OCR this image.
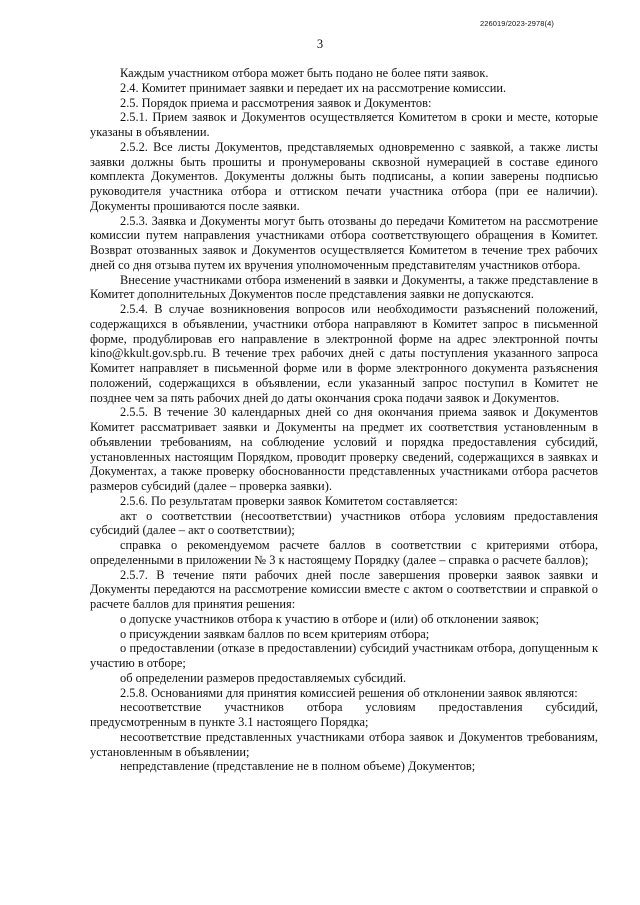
226019/2023-2978(4)
3

Каждым участником отбора может быть подано не более пяти заявок.

2.4. Комитет принимает заявки и передает их на рассмотрение комиссии.

2.5. Порядок приема и рассмотрения заявок и Документов:

2.5.1. Прием заявок и Документов осуществляется Комитетом в сроки и месте, которые указаны в объявлении.

2.5.2. Все листы Документов, представляемых одновременно с заявкой, а также листы заявки должны быть прошиты и пронумерованы сквозной нумерацией в составе единого комплекта Документов. Документы должны быть подписаны, а копии заверены подписью руководителя участника отбора и оттиском печати участника отбора (при ее наличии). Документы прошиваются после заявки.

2.5.3. Заявка и Документы могут быть отозваны до передачи Комитетом на рассмотрение комиссии путем направления участниками отбора соответствующего обращения в Комитет. Возврат отозванных заявок и Документов осуществляется Комитетом в течение трех рабочих дней со дня отзыва путем их вручения уполномоченным представителям участников отбора.

Внесение участниками отбора изменений в заявки и Документы, а также представление в Комитет дополнительных Документов после представления заявки не допускаются.

2.5.4. В случае возникновения вопросов или необходимости разъяснений положений, содержащихся в объявлении, участники отбора направляют в Комитет запрос в письменной форме, продублировав его направление в электронной форме на адрес электронной почты kino@kkult.gov.spb.ru. В течение трех рабочих дней с даты поступления указанного запроса Комитет направляет в письменной форме или в форме электронного документа разъяснения положений, содержащихся в объявлении, если указанный запрос поступил в Комитет не позднее чем за пять рабочих дней до даты окончания срока подачи заявок и Документов.

2.5.5. В течение 30 календарных дней со дня окончания приема заявок и Документов Комитет рассматривает заявки и Документы на предмет их соответствия установленным в объявлении требованиям, на соблюдение условий и порядка предоставления субсидий, установленных настоящим Порядком, проводит проверку сведений, содержащихся в заявках и Документах, а также проверку обоснованности представленных участниками отбора расчетов размеров субсидий (далее – проверка заявки).

2.5.6. По результатам проверки заявок Комитетом составляется:

акт о соответствии (несоответствии) участников отбора условиям предоставления субсидий (далее – акт о соответствии);

справка о рекомендуемом расчете баллов в соответствии с критериями отбора, определенными в приложении № 3 к настоящему Порядку (далее – справка о расчете баллов);

2.5.7. В течение пяти рабочих дней после завершения проверки заявок заявки и Документы передаются на рассмотрение комиссии вместе с актом о соответствии и справкой о расчете баллов для принятия решения:

о допуске участников отбора к участию в отборе и (или) об отклонении заявок;

о присуждении заявкам баллов по всем критериям отбора;

о предоставлении (отказе в предоставлении) субсидий участникам отбора, допущенным к участию в отборе;

об определении размеров предоставляемых субсидий.

2.5.8. Основаниями для принятия комиссией решения об отклонении заявок являются:

несоответствие участников отбора условиям предоставления субсидий, предусмотренным в пункте 3.1 настоящего Порядка;

несоответствие представленных участниками отбора заявок и Документов требованиям, установленным в объявлении;

непредставление (представление не в полном объеме) Документов;
